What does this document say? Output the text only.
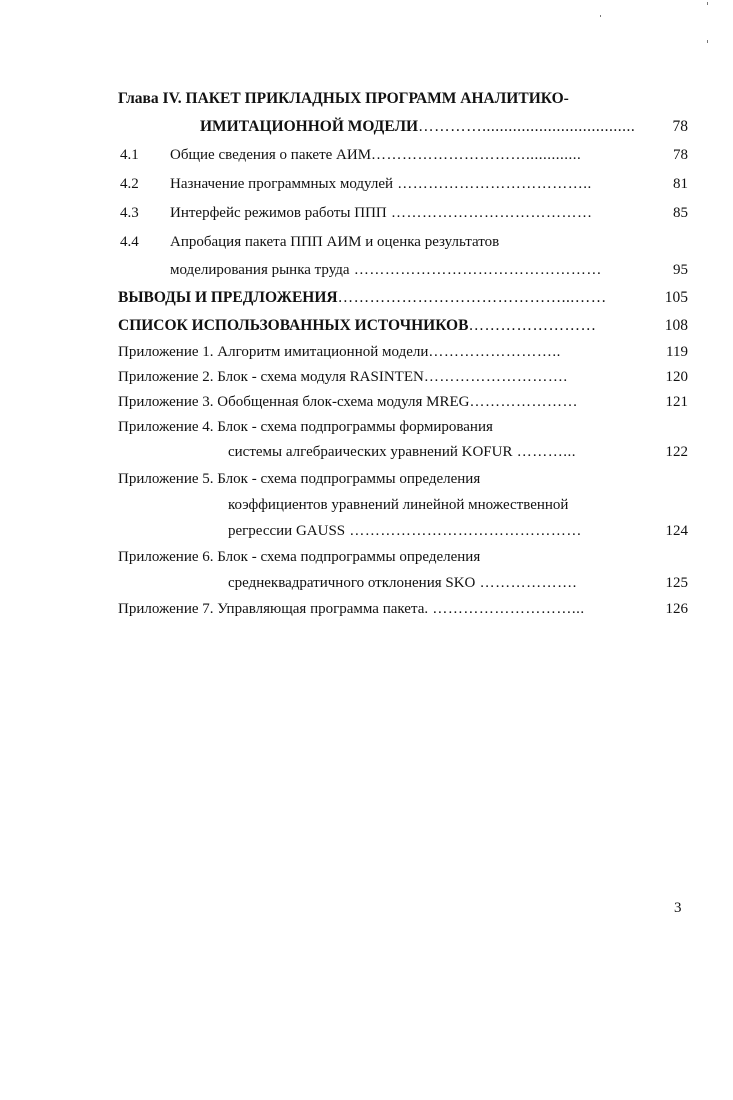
Глава IV. ПАКЕТ ПРИКЛАДНЫХ ПРОГРАММ АНАЛИТИКО-
ИМИТАЦИОННОЙ МОДЕЛИ…………...................................	78
4.1 Общие сведения о пакете АИМ………………………….............	78
4.2 Назначение программных модулей ………………………………..	81
4.3 Интерфейс режимов работы ППП …………………………………	85
4.4 Апробация пакета ППП АИМ и оценка результатов
моделирования рынка труда …………………………………………	95
ВЫВОДЫ И ПРЕДЛОЖЕНИЯ……………………………………...……	105
СПИСОК ИСПОЛЬЗОВАННЫХ ИСТОЧНИКОВ……………………	108
Приложение 1. Алгоритм имитационной модели……………………..	119
Приложение 2. Блок - схема модуля RASINTEN……………………….	120
Приложение 3. Обобщенная блок-схема модуля MREG…………………	121
Приложение 4. Блок - схема подпрограммы формирования
системы алгебраических уравнений KOFUR ………...	122
Приложение 5. Блок - схема подпрограммы определения
коэффициентов уравнений линейной множественной
регрессии GAUSS ………………………………………	124
Приложение 6. Блок - схема подпрограммы определения
среднеквадратичного отклонения SKO ……………….	125
Приложение 7. Управляющая программа пакета. ………………………...	126
3
